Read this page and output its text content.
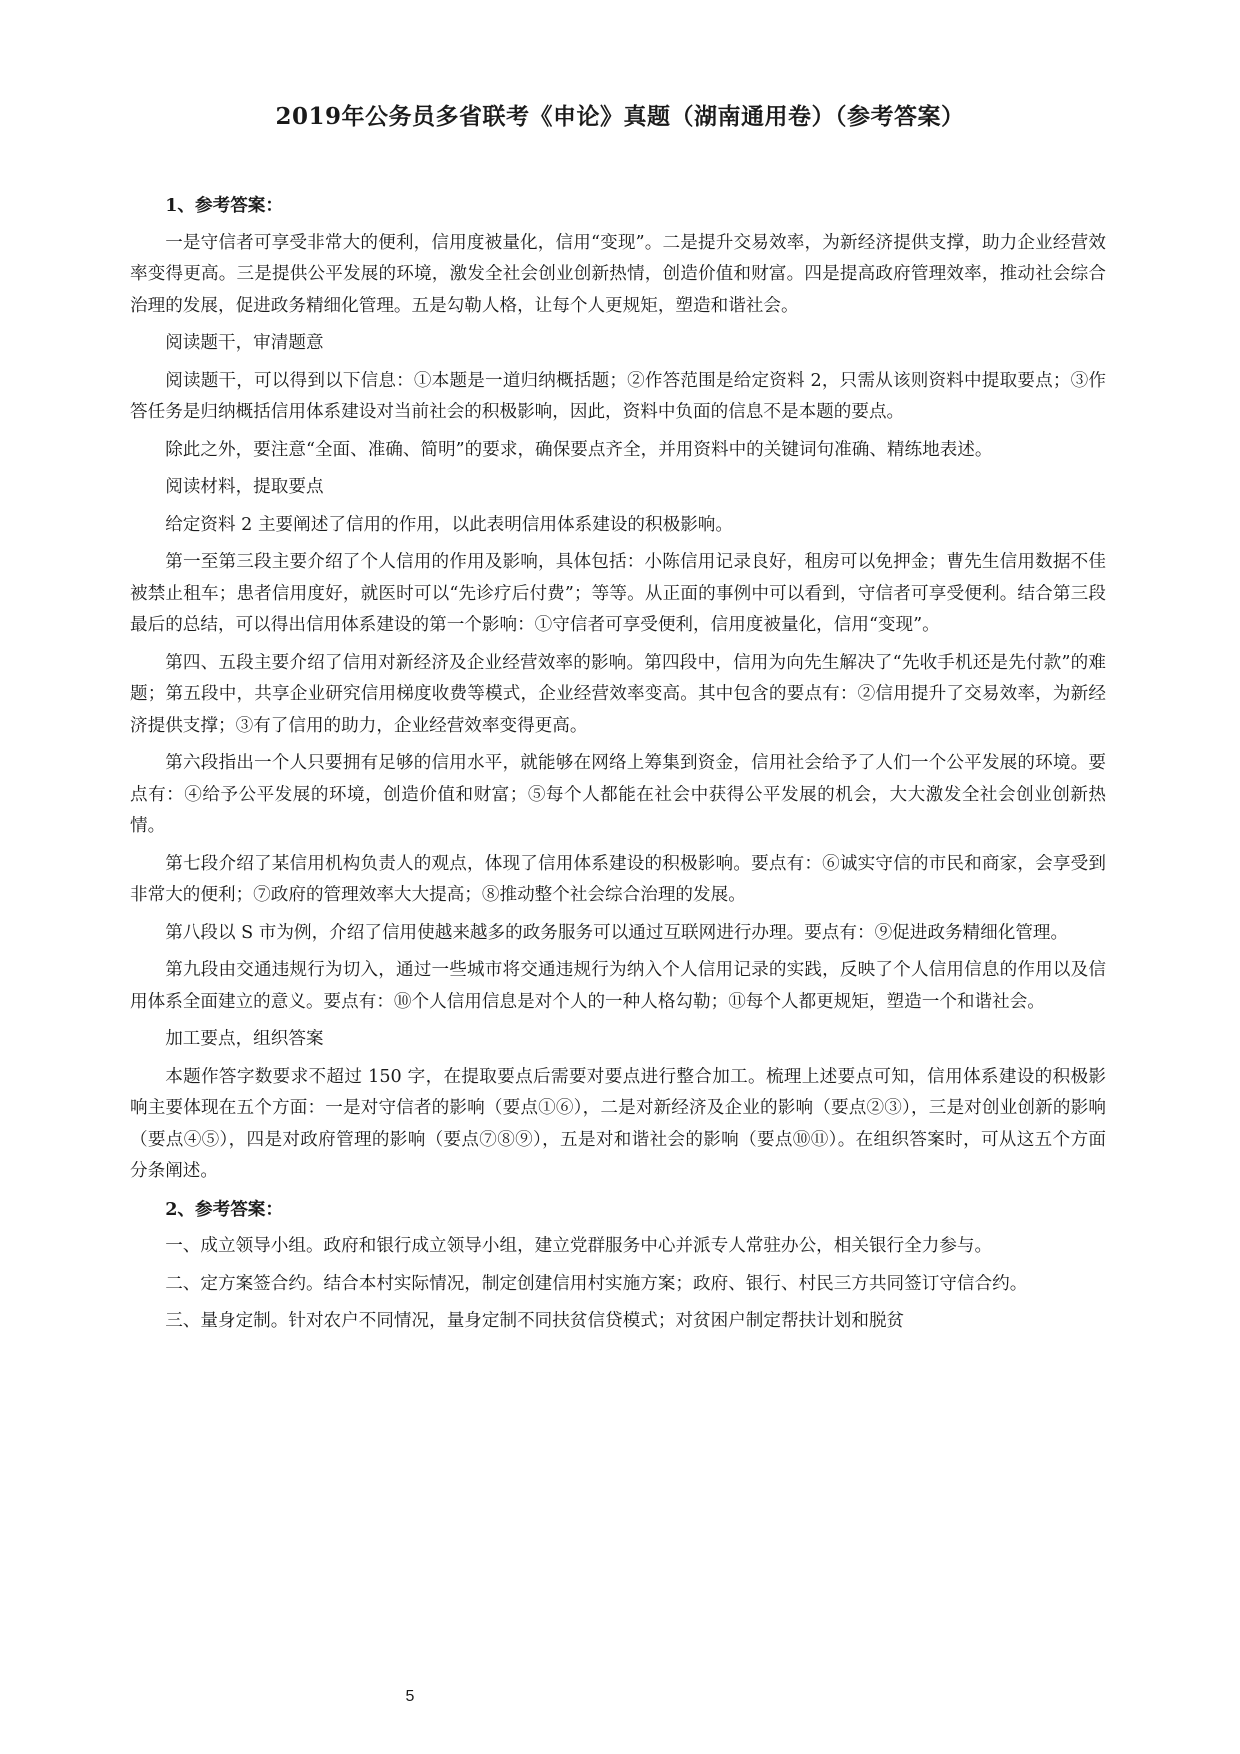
2019年公务员多省联考《申论》真题（湖南通用卷）（参考答案）

1、参考答案：

一是守信者可享受非常大的便利，信用度被量化，信用“变现”。二是提升交易效率，为新经济提供支撑，助力企业经营效率变得更高。三是提供公平发展的环境，激发全社会创业创新热情，创造价值和财富。四是提高政府管理效率，推动社会综合治理的发展，促进政务精细化管理。五是勾勒人格，让每个人更规矩，塑造和谐社会。

阅读题干，审清题意

阅读题干，可以得到以下信息：①本题是一道归纳概括题；②作答范围是给定资料 2，只需从该则资料中提取要点；③作答任务是归纳概括信用体系建设对当前社会的积极影响，因此，资料中负面的信息不是本题的要点。

除此之外，要注意“全面、准确、简明”的要求，确保要点齐全，并用资料中的关键词句准确、精练地表述。

阅读材料，提取要点

给定资料 2 主要阐述了信用的作用，以此表明信用体系建设的积极影响。

第一至第三段主要介绍了个人信用的作用及影响，具体包括：小陈信用记录良好，租房可以免押金；曹先生信用数据不佳被禁止租车；患者信用度好，就医时可以“先诊疗后付费”；等等。从正面的事例中可以看到，守信者可享受便利。结合第三段最后的总结，可以得出信用体系建设的第一个影响：①守信者可享受便利，信用度被量化，信用“变现”。

第四、五段主要介绍了信用对新经济及企业经营效率的影响。第四段中，信用为向先生解决了“先收手机还是先付款”的难题；第五段中，共享企业研究信用梯度收费等模式，企业经营效率变高。其中包含的要点有：②信用提升了交易效率，为新经济提供支撑；③有了信用的助力，企业经营效率变得更高。

第六段指出一个人只要拥有足够的信用水平，就能够在网络上筹集到资金，信用社会给予了人们一个公平发展的环境。要点有：④给予公平发展的环境，创造价值和财富；⑤每个人都能在社会中获得公平发展的机会，大大激发全社会创业创新热情。

第七段介绍了某信用机构负责人的观点，体现了信用体系建设的积极影响。要点有：⑥诚实守信的市民和商家，会享受到非常大的便利；⑦政府的管理效率大大提高；⑧推动整个社会综合治理的发展。

第八段以 S 市为例，介绍了信用使越来越多的政务服务可以通过互联网进行办理。要点有：⑨促进政务精细化管理。

第九段由交通违规行为切入，通过一些城市将交通违规行为纳入个人信用记录的实践，反映了个人信用信息的作用以及信用体系全面建立的意义。要点有：⑩个人信用信息是对个人的一种人格勾勒；⑪每个人都更规矩，塑造一个和谐社会。

加工要点，组织答案

本题作答字数要求不超过 150 字，在提取要点后需要对要点进行整合加工。梳理上述要点可知，信用体系建设的积极影响主要体现在五个方面：一是对守信者的影响（要点①⑥），二是对新经济及企业的影响（要点②③），三是对创业创新的影响（要点④⑤），四是对政府管理的影响（要点⑦⑧⑨），五是对和谐社会的影响（要点⑩⑪）。在组织答案时，可从这五个方面分条阐述。

2、参考答案：

一、成立领导小组。政府和银行成立领导小组，建立党群服务中心并派专人常驻办公，相关银行全力参与。

二、定方案签合约。结合本村实际情况，制定创建信用村实施方案；政府、银行、村民三方共同签订守信合约。

三、量身定制。针对农户不同情况，量身定制不同扶贫信贷模式；对贫困户制定帮扶计划和脱贫

5
